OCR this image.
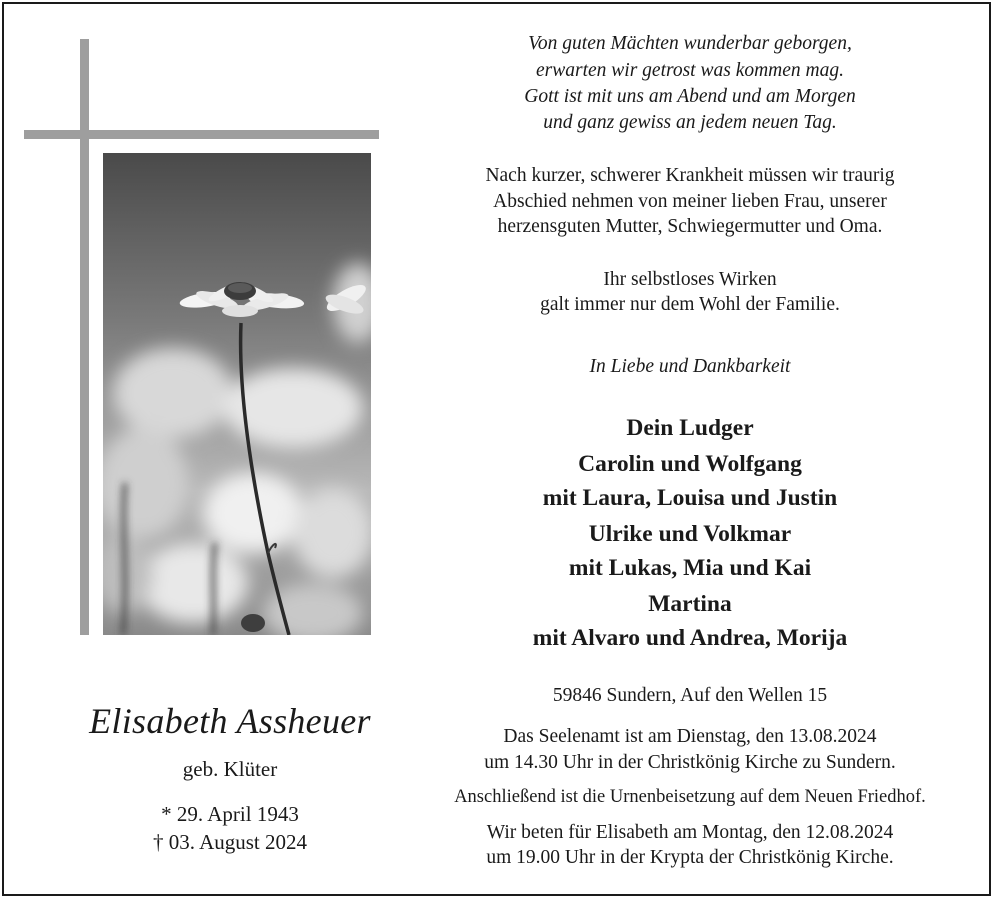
Elisabeth Assheuer
geb. Klüter
* 29. April 1943
† 03. August 2024
Von guten Mächten wunderbar geborgen,
erwarten wir getrost was kommen mag.
Gott ist mit uns am Abend und am Morgen
und ganz gewiss an jedem neuen Tag.
Nach kurzer, schwerer Krankheit müssen wir traurig
Abschied nehmen von meiner lieben Frau, unserer
herzensguten Mutter, Schwiegermutter und Oma.
Ihr selbstloses Wirken
galt immer nur dem Wohl der Familie.
In Liebe und Dankbarkeit
Dein Ludger
Carolin und Wolfgang
mit Laura, Louisa und Justin
Ulrike und Volkmar
mit Lukas, Mia und Kai
Martina
mit Alvaro und Andrea, Morija
59846 Sundern, Auf den Wellen 15
Das Seelenamt ist am Dienstag, den 13.08.2024
um 14.30 Uhr in der Christkönig Kirche zu Sundern.
Anschließend ist die Urnenbeisetzung auf dem Neuen Friedhof.
Wir beten für Elisabeth am Montag, den 12.08.2024
um 19.00 Uhr in der Krypta der Christkönig Kirche.
